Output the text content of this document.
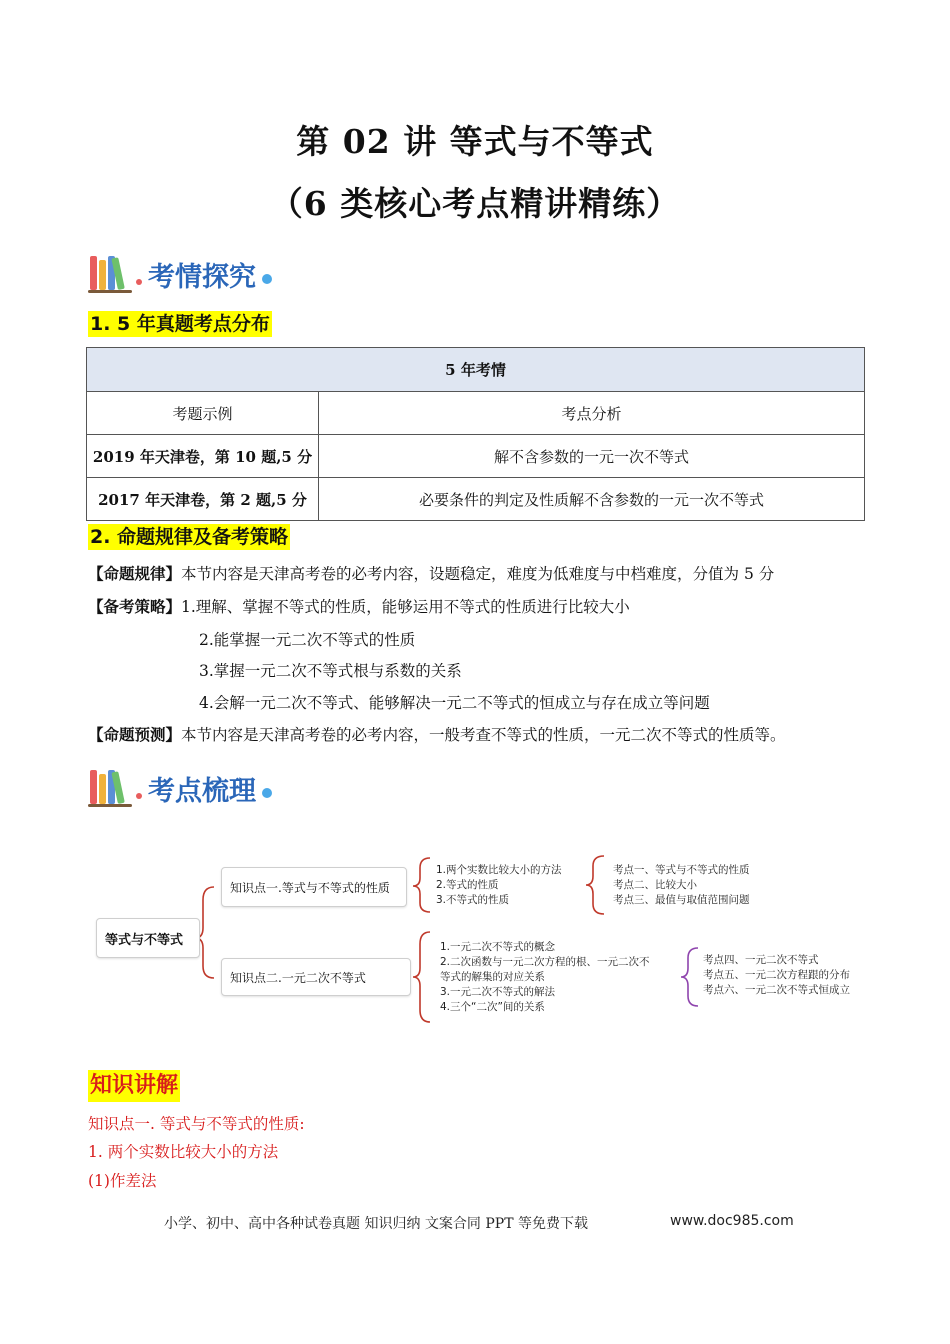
第 02 讲 等式与不等式
（6 类核心考点精讲精练）
考情探究
1. 5 年真题考点分布
5 年考情	
考题示例	考点分析
2019 年天津卷，第 10 题,5 分	解不含参数的一元一次不等式
2017 年天津卷，第 2 题,5 分	必要条件的判定及性质解不含参数的一元一次不等式
2. 命题规律及备考策略
【命题规律】本节内容是天津高考卷的必考内容，设题稳定，难度为低难度与中档难度，分值为 5 分
【备考策略】1.理解、掌握不等式的性质，能够运用不等式的性质进行比较大小
2.能掌握一元二次不等式的性质
3.掌握一元二次不等式根与系数的关系
4.会解一元二次不等式、能够解决一元二不等式的恒成立与存在成立等问题
【命题预测】本节内容是天津高考卷的必考内容，一般考查不等式的性质，一元二次不等式的性质等。
考点梳理
等式与不等式
知识点一.等式与不等式的性质
知识点二.一元二次不等式
1.两个实数比较大小的方法
2.等式的性质
3.不等式的性质
考点一、等式与不等式的性质
考点二、比较大小
考点三、最值与取值范围问题
1.一元二次不等式的概念
2.二次函数与一元二次方程的根、一元二次不
等式的解集的对应关系
3.一元二次不等式的解法
4.三个“二次”间的关系
考点四、一元二次不等式
考点五、一元二次方程跟的分布
考点六、一元二次不等式恒成立
知识讲解
知识点一. 等式与不等式的性质:
1. 两个实数比较大小的方法
(1)作差法
小学、初中、高中各种试卷真题 知识归纳 文案合同 PPT 等免费下载	www.doc985.com
